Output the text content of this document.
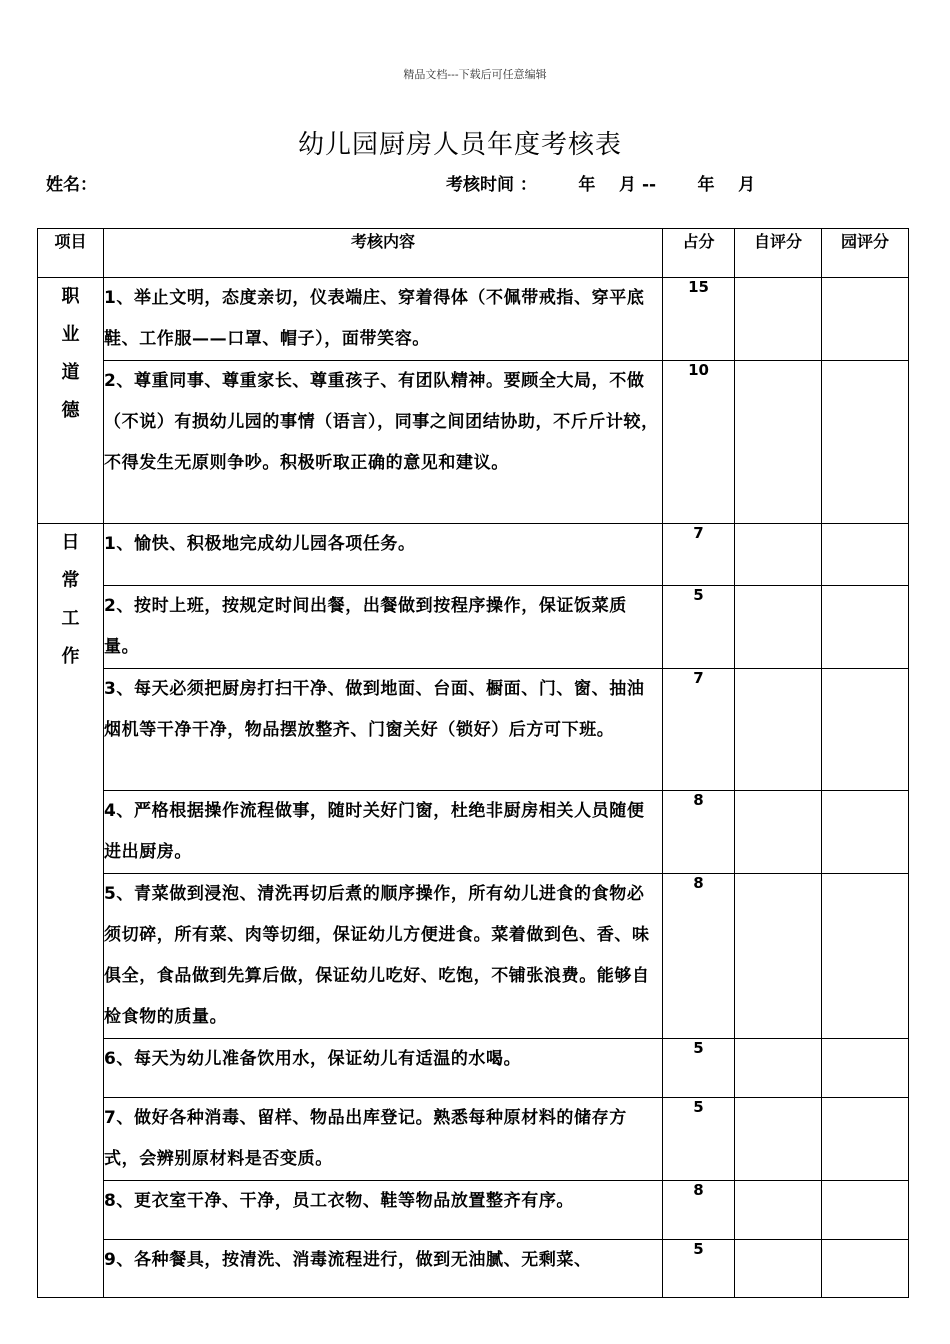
精品文档---下载后可任意编辑
幼儿园厨房人员年度考核表
姓名：	考核时间 ：       年    月 --       年    月
项目	考核内容	占分	自评分	园评分
职业道德	1、举止文明，态度亲切，仪表端庄、穿着得体（不佩带戒指、穿平底鞋、工作服——口罩、帽子），面带笑容。	15		
	2、尊重同事、尊重家长、尊重孩子、有团队精神。要顾全大局，不做（不说）有损幼儿园的事情（语言），同事之间团结协助，不斤斤计较，不得发生无原则争吵。积极听取正确的意见和建议。	10		
日常工作	1、愉快、积极地完成幼儿园各项任务。	7		
	2、按时上班，按规定时间出餐，出餐做到按程序操作，保证饭菜质量。	5		
	3、每天必须把厨房打扫干净、做到地面、台面、橱面、门、窗、抽油烟机等干净干净，物品摆放整齐、门窗关好（锁好）后方可下班。	7		
	4、严格根据操作流程做事，随时关好门窗，杜绝非厨房相关人员随便进出厨房。	8		
	5、青菜做到浸泡、清洗再切后煮的顺序操作，所有幼儿进食的食物必须切碎，所有菜、肉等切细，保证幼儿方便进食。菜着做到色、香、味俱全，食品做到先算后做，保证幼儿吃好、吃饱，不铺张浪费。能够自检食物的质量。	8		
	6、每天为幼儿准备饮用水，保证幼儿有适温的水喝。	5		
	7、做好各种消毒、留样、物品出库登记。熟悉每种原材料的储存方式，会辨别原材料是否变质。	5		
	8、更衣室干净、干净，员工衣物、鞋等物品放置整齐有序。	8		
	9、各种餐具，按清洗、消毒流程进行，做到无油腻、无剩菜、	5		
